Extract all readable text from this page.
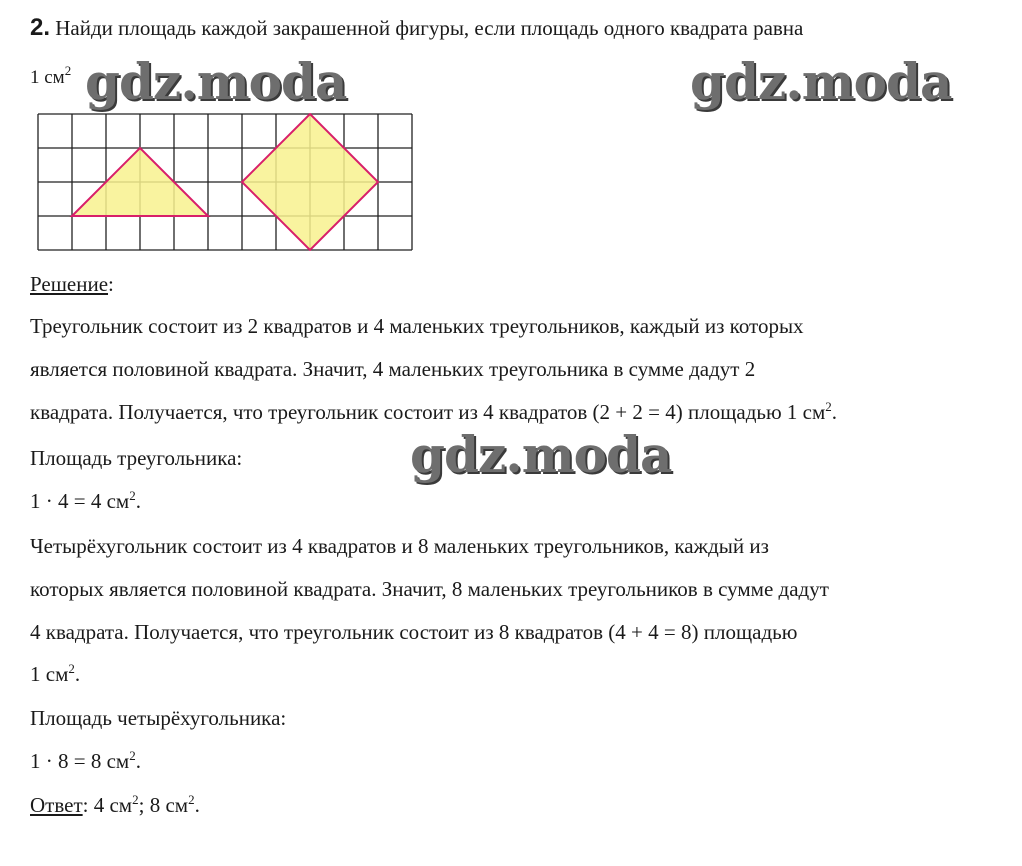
2. Найди площадь каждой закрашенной фигуры, если площадь одного квадрата равна
1 $см^2$ gdz.moda	gdz.moda
Решение:
Треугольник состоит из 2 квадратов и 4 маленьких треугольников, каждый из которых
является половиной квадрата. Значит, 4 маленьких треугольника в сумме дадут 2
квадрата. Получается, что треугольник состоит из 4 квадратов (2 + 2 = 4) площадью 1 $см^2$.
Площадь треугольника:
1 · 4 = 4 $см^2$.
gdz.moda
Четырёхугольник состоит из 4 квадратов и 8 маленьких треугольников, каждый из
которых является половиной квадрата. Значит, 8 маленьких треугольников в сумме дадут
4 квадрата. Получается, что треугольник состоит из 8 квадратов (4 + 4 = 8) площадью
1 $см^2$.
Площадь четырёхугольника:
1 · 8 = 8 $см^2$.
Ответ: 4 $см^2$; 8 $см^2$.
